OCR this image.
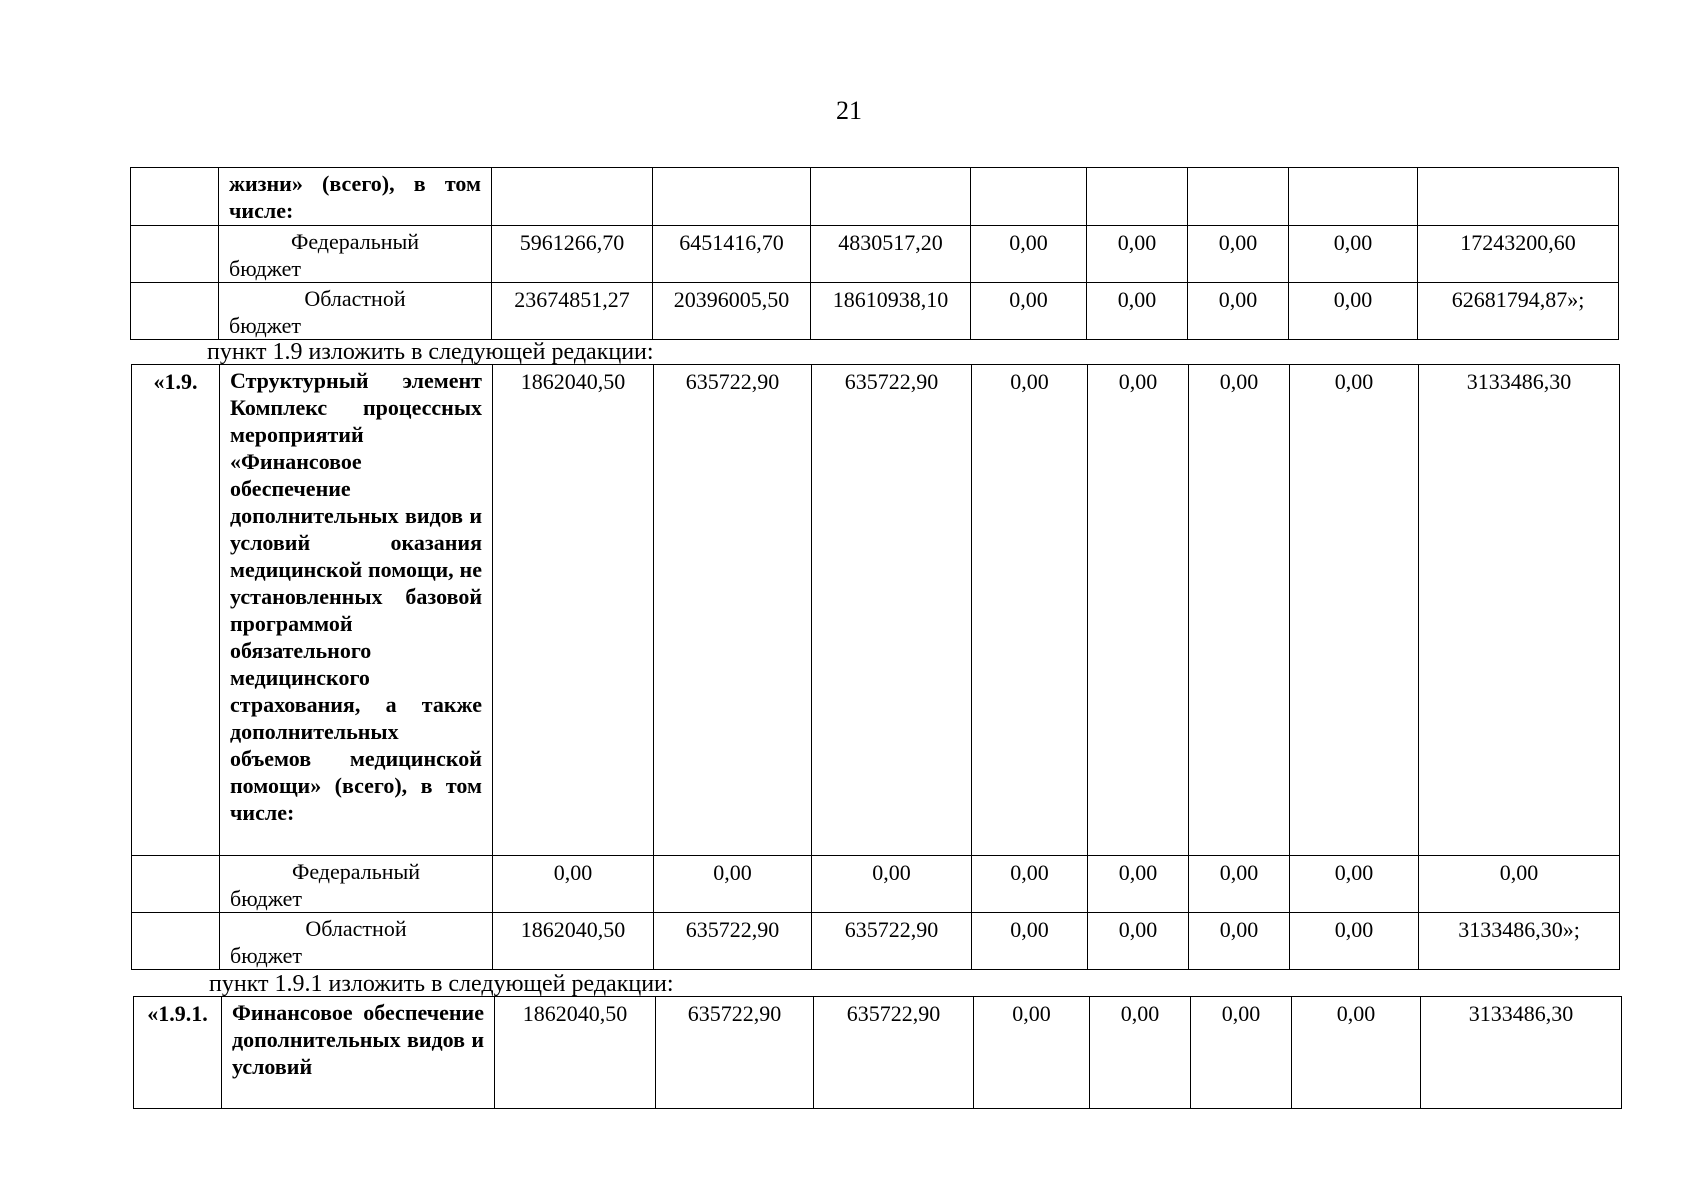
21

	жизни» (всего), в том числе:								

	Федеральный
бюджет	5961266,70	6451416,70	4830517,20	0,00	0,00	0,00	0,00	17243200,60

	Областной
бюджет	23674851,27	20396005,50	18610938,10	0,00	0,00	0,00	0,00	62681794,87»;
пункт 1.9 изложить в следующей редакции:
«1.9.	Структурный элемент Комплекс процессных мероприятий «Финансовое обеспечение дополнительных видов и условий оказания медицинской помощи, не установленных базовой программой обязательного медицинского страхования, а также дополнительных объемов медицинской помощи» (всего), в том числе:	1862040,50	635722,90	635722,90	0,00	0,00	0,00	0,00	3133486,30

	Федеральный
бюджет	0,00	0,00	0,00	0,00	0,00	0,00	0,00	0,00

	Областной
бюджет	1862040,50	635722,90	635722,90	0,00	0,00	0,00	0,00	3133486,30»;
пункт 1.9.1 изложить в следующей редакции:
«1.9.1.	Финансовое обеспечение дополнительных видов и условий
	1862040,50	635722,90	635722,90	0,00	0,00	0,00	0,00	3133486,30
